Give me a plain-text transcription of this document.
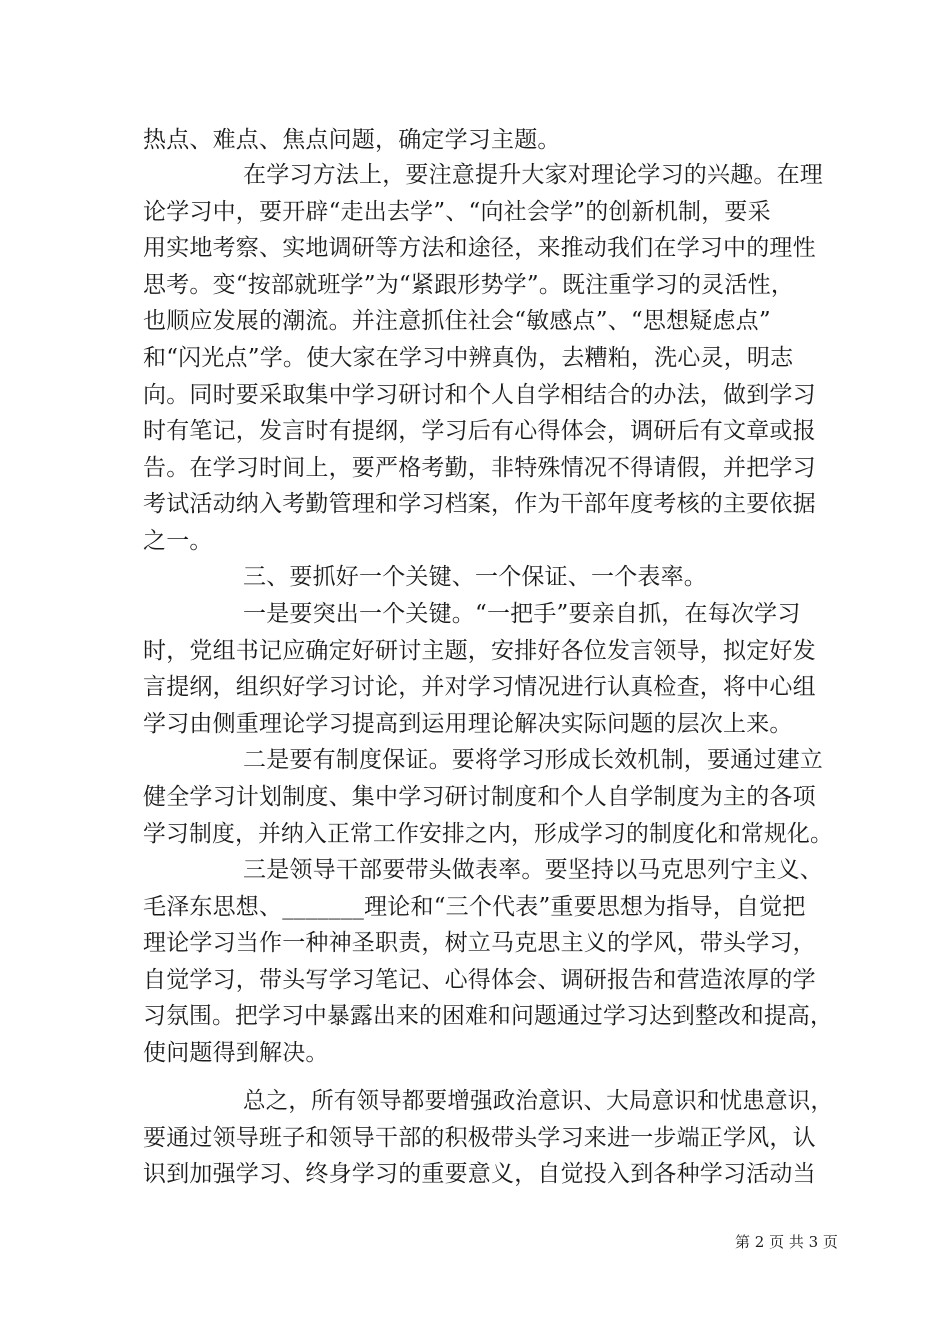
热点、难点、焦点问题，确定学习主题。
在学习方法上，要注意提升大家对理论学习的兴趣。在理
论学习中，要开辟“走出去学”、“向社会学”的创新机制，要采
用实地考察、实地调研等方法和途径，来推动我们在学习中的理性
思考。变“按部就班学”为“紧跟形势学”。既注重学习的灵活性，
也顺应发展的潮流。并注意抓住社会“敏感点”、“思想疑虑点”
和“闪光点”学。使大家在学习中辨真伪，去糟粕，洗心灵，明志
向。同时要采取集中学习研讨和个人自学相结合的办法，做到学习
时有笔记，发言时有提纲，学习后有心得体会，调研后有文章或报
告。在学习时间上，要严格考勤，非特殊情况不得请假，并把学习
考试活动纳入考勤管理和学习档案，作为干部年度考核的主要依据
之一。
三、要抓好一个关键、一个保证、一个表率。
一是要突出一个关键。“一把手”要亲自抓，在每次学习
时，党组书记应确定好研讨主题，安排好各位发言领导，拟定好发
言提纲，组织好学习讨论，并对学习情况进行认真检查，将中心组
学习由侧重理论学习提高到运用理论解决实际问题的层次上来。
二是要有制度保证。要将学习形成长效机制，要通过建立
健全学习计划制度、集中学习研讨制度和个人自学制度为主的各项
学习制度，并纳入正常工作安排之内，形成学习的制度化和常规化。
三是领导干部要带头做表率。要坚持以马克思列宁主义、
毛泽东思想、_______理论和“三个代表”重要思想为指导，自觉把
理论学习当作一种神圣职责，树立马克思主义的学风，带头学习，
自觉学习，带头写学习笔记、心得体会、调研报告和营造浓厚的学
习氛围。把学习中暴露出来的困难和问题通过学习达到整改和提高，
使问题得到解决。
总之，所有领导都要增强政治意识、大局意识和忧患意识，
要通过领导班子和领导干部的积极带头学习来进一步端正学风，认
识到加强学习、终身学习的重要意义，自觉投入到各种学习活动当
第 2 页 共 3 页
